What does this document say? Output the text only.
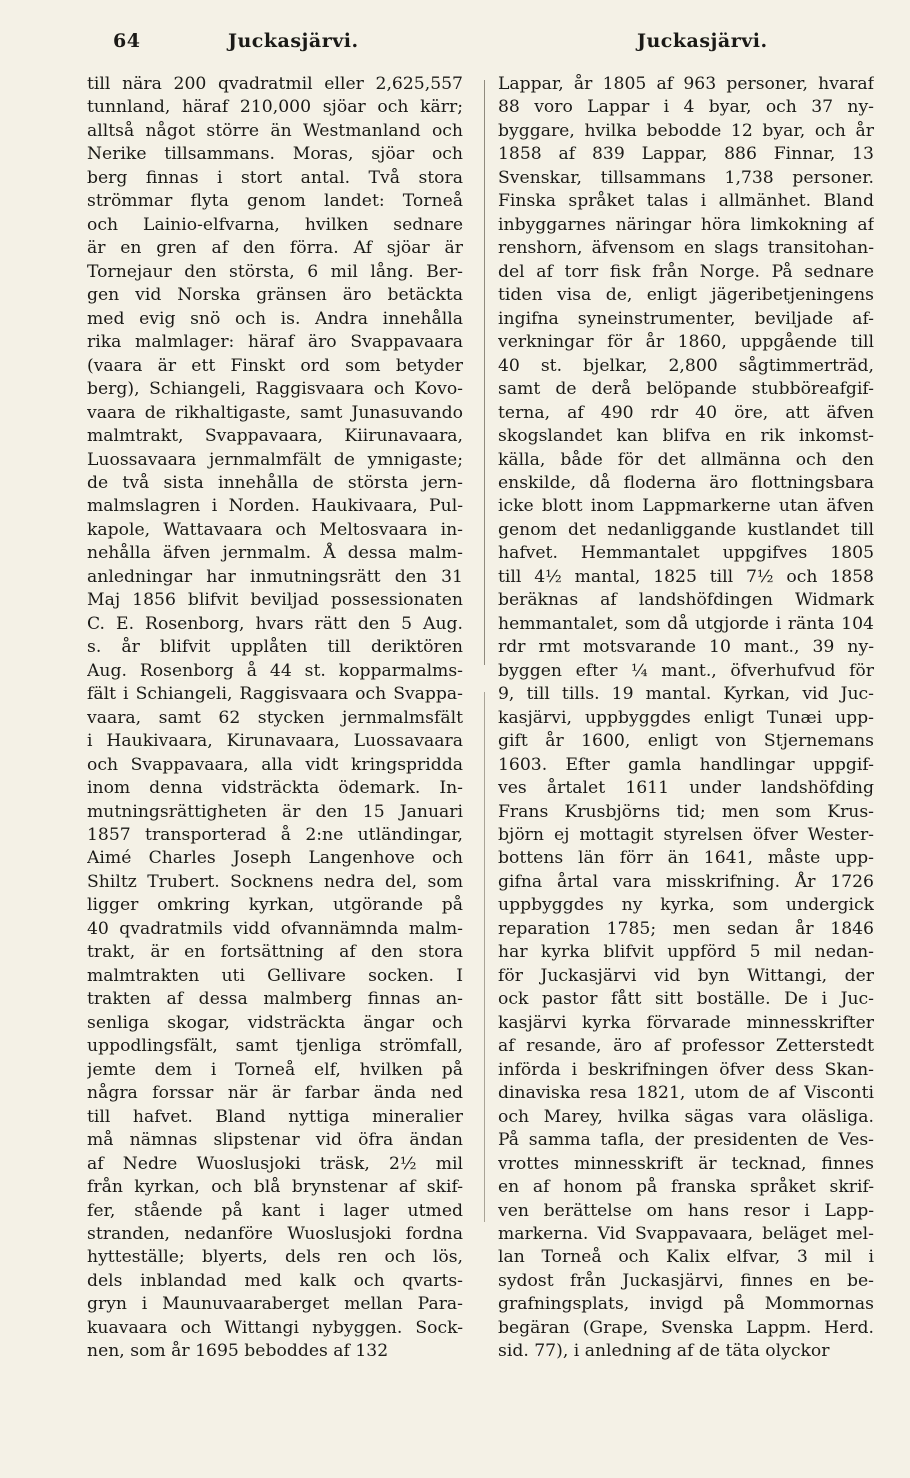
64	Juckasjärvi.	Juckasjärvi.
till nära 200 qvadratmil eller 2,625,557
tunnland, häraf 210,000 sjöar och kärr;
alltså något större än Westmanland och
Nerike tillsammans. Moras, sjöar och
berg finnas i stort antal. Två stora
strömmar flyta genom landet: Torneå
och Lainio-elfvarna, hvilken sednare
är en gren af den förra. Af sjöar är
Tornejaur den största, 6 mil lång. Ber-
gen vid Norska gränsen äro betäckta
med evig snö och is. Andra innehålla
rika malmlager: häraf äro Svappavaara
(vaara är ett Finskt ord som betyder
berg), Schiangeli, Raggisvaara och Kovo-
vaara de rikhaltigaste, samt Junasuvando
malmtrakt, Svappavaara, Kiirunavaara,
Luossavaara jernmalmfält de ymnigaste;
de två sista innehålla de största jern-
malmslagren i Norden. Haukivaara, Pul-
kapole, Wattavaara och Meltosvaara in-
nehålla äfven jernmalm. Å dessa malm-
anledningar har inmutningsrätt den 31
Maj 1856 blifvit beviljad possessionaten
C. E. Rosenborg, hvars rätt den 5 Aug.
s. år blifvit upplåten till deriktören
Aug. Rosenborg å 44 st. kopparmalms-
fält i Schiangeli, Raggisvaara och Svappa-
vaara, samt 62 stycken jernmalmsfält
i Haukivaara, Kirunavaara, Luossavaara
och Svappavaara, alla vidt kringspridda
inom denna vidsträckta ödemark. In-
mutningsrättigheten är den 15 Januari
1857 transporterad å 2:ne utländingar,
Aimé Charles Joseph Langenhove och
Shiltz Trubert. Socknens nedra del, som
ligger omkring kyrkan, utgörande på
40 qvadratmils vidd ofvannämnda malm-
trakt, är en fortsättning af den stora
malmtrakten uti Gellivare socken. I
trakten af dessa malmberg finnas an-
senliga skogar, vidsträckta ängar och
uppodlingsfält, samt tjenliga strömfall,
jemte dem i Torneå elf, hvilken på
några forssar när är farbar ända ned
till hafvet. Bland nyttiga mineralier
må nämnas slipstenar vid öfra ändan
af Nedre Wuoslusjoki träsk, 2½ mil
från kyrkan, och blå brynstenar af skif-
fer, stående på kant i lager utmed
stranden, nedanföre Wuoslusjoki fordna
hytteställe; blyerts, dels ren och lös,
dels inblandad med kalk och qvarts-
gryn i Maunuvaaraberget mellan Para-
kuavaara och Wittangi nybyggen. Sock-
nen, som år 1695 beboddes af 132
Lappar, år 1805 af 963 personer, hvaraf
88 voro Lappar i 4 byar, och 37 ny-
byggare, hvilka bebodde 12 byar, och år
1858 af 839 Lappar, 886 Finnar, 13
Svenskar, tillsammans 1,738 personer.
Finska språket talas i allmänhet. Bland
inbyggarnes näringar höra limkokning af
renshorn, äfvensom en slags transitohan-
del af torr fisk från Norge. På sednare
tiden visa de, enligt jägeribetjeningens
ingifna syneinstrumenter, beviljade af-
verkningar för år 1860, uppgående till
40 st. bjelkar, 2,800 sågtimmerträd,
samt de derå belöpande stubböreafgif-
terna, af 490 rdr 40 öre, att äfven
skogslandet kan blifva en rik inkomst-
källa, både för det allmänna och den
enskilde, då floderna äro flottningsbara
icke blott inom Lappmarkerne utan äfven
genom det nedanliggande kustlandet till
hafvet. Hemmantalet uppgifves 1805
till 4½ mantal, 1825 till 7½ och 1858
beräknas af landshöfdingen Widmark
hemmantalet, som då utgjorde i ränta 104
rdr rmt motsvarande 10 mant., 39 ny-
byggen efter ¼ mant., öfverhufvud för
9, till tills. 19 mantal. Kyrkan, vid Juc-
kasjärvi, uppbyggdes enligt Tunæi upp-
gift år 1600, enligt von Stjernemans
1603. Efter gamla handlingar uppgif-
ves årtalet 1611 under landshöfding
Frans Krusbjörns tid; men som Krus-
björn ej mottagit styrelsen öfver Wester-
bottens län förr än 1641, måste upp-
gifna årtal vara misskrifning. År 1726
uppbyggdes ny kyrka, som undergick
reparation 1785; men sedan år 1846
har kyrka blifvit uppförd 5 mil nedan-
för Juckasjärvi vid byn Wittangi, der
ock pastor fått sitt boställe. De i Juc-
kasjärvi kyrka förvarade minnesskrifter
af resande, äro af professor Zetterstedt
införda i beskrifningen öfver dess Skan-
dinaviska resa 1821, utom de af Visconti
och Marey, hvilka sägas vara oläsliga.
På samma tafla, der presidenten de Ves-
vrottes minnesskrift är tecknad, finnes
en af honom på franska språket skrif-
ven berättelse om hans resor i Lapp-
markerna. Vid Svappavaara, beläget mel-
lan Torneå och Kalix elfvar, 3 mil i
sydost från Juckasjärvi, finnes en be-
grafningsplats, invigd på Mommornas
begäran (Grape, Svenska Lappm. Herd.
sid. 77), i anledning af de täta olyckor
